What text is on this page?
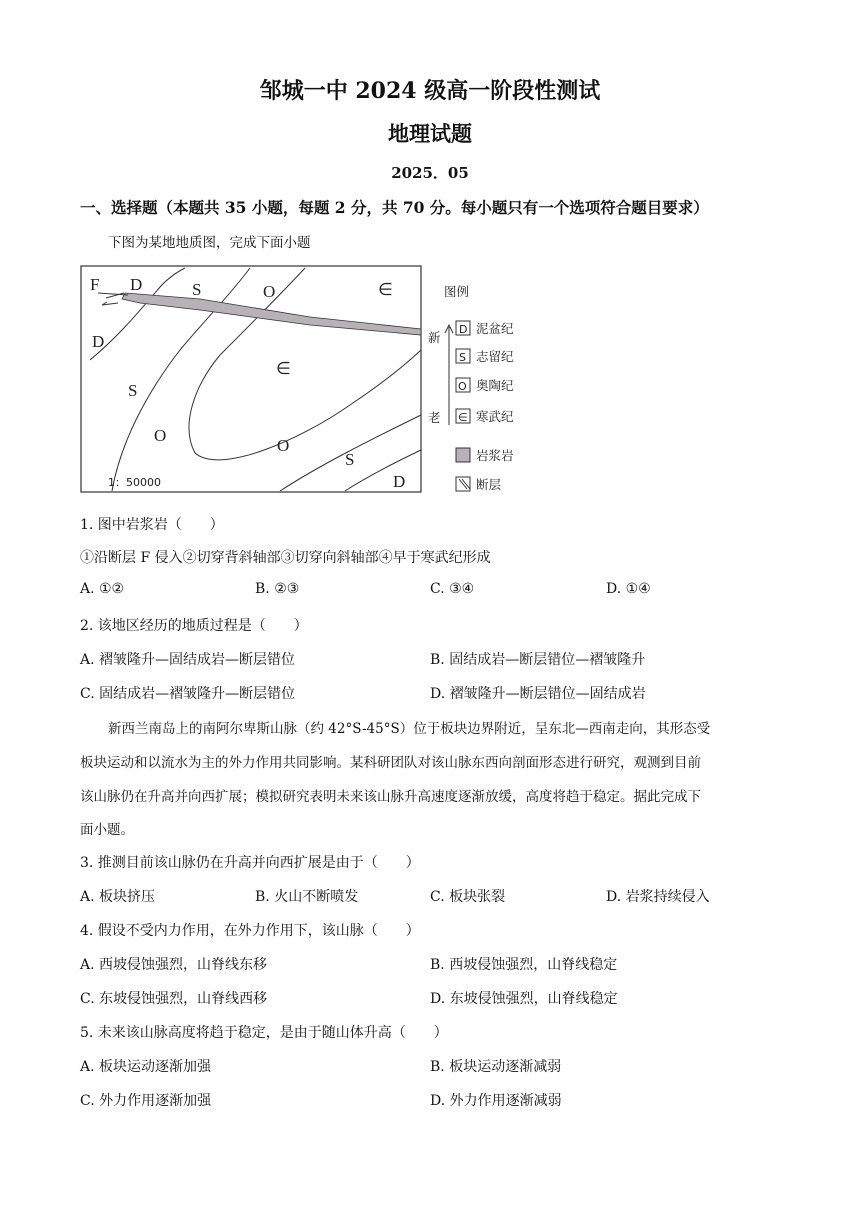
邹城一中 2024 级高一阶段性测试
地理试题
2025．05
一、选择题（本题共 35 小题，每题 2 分，共 70 分。每小题只有一个选项符合题目要求）
下图为某地地质图，完成下面小题
F D	S	O	∈
D
∈
S
O
O
S
D
1：50000
图例
新
老
D 泥盆纪
S 志留纪
O 奥陶纪
∈ 寒武纪
岩浆岩
断层
1. 图中岩浆岩（　　）
①沿断层 F 侵入②切穿背斜轴部③切穿向斜轴部④早于寒武纪形成
A. ①②	B. ②③	C. ③④	D. ①④
2. 该地区经历的地质过程是（　　）
A. 褶皱隆升—固结成岩—断层错位	B. 固结成岩—断层错位—褶皱隆升
C. 固结成岩—褶皱隆升—断层错位	D. 褶皱隆升—断层错位—固结成岩
新西兰南岛上的南阿尔卑斯山脉（约 42°S-45°S）位于板块边界附近，呈东北—西南走向，其形态受
板块运动和以流水为主的外力作用共同影响。某科研团队对该山脉东西向剖面形态进行研究，观测到目前
该山脉仍在升高并向西扩展；模拟研究表明未来该山脉升高速度逐渐放缓，高度将趋于稳定。据此完成下
面小题。
3. 推测目前该山脉仍在升高并向西扩展是由于（　　）
A. 板块挤压	B. 火山不断喷发	C. 板块张裂	D. 岩浆持续侵入
4. 假设不受内力作用，在外力作用下，该山脉（　　）
A. 西坡侵蚀强烈，山脊线东移	B. 西坡侵蚀强烈，山脊线稳定
C. 东坡侵蚀强烈，山脊线西移	D. 东坡侵蚀强烈，山脊线稳定
5. 未来该山脉高度将趋于稳定，是由于随山体升高（　　）
A. 板块运动逐渐加强	B. 板块运动逐渐减弱
C. 外力作用逐渐加强	D. 外力作用逐渐减弱
